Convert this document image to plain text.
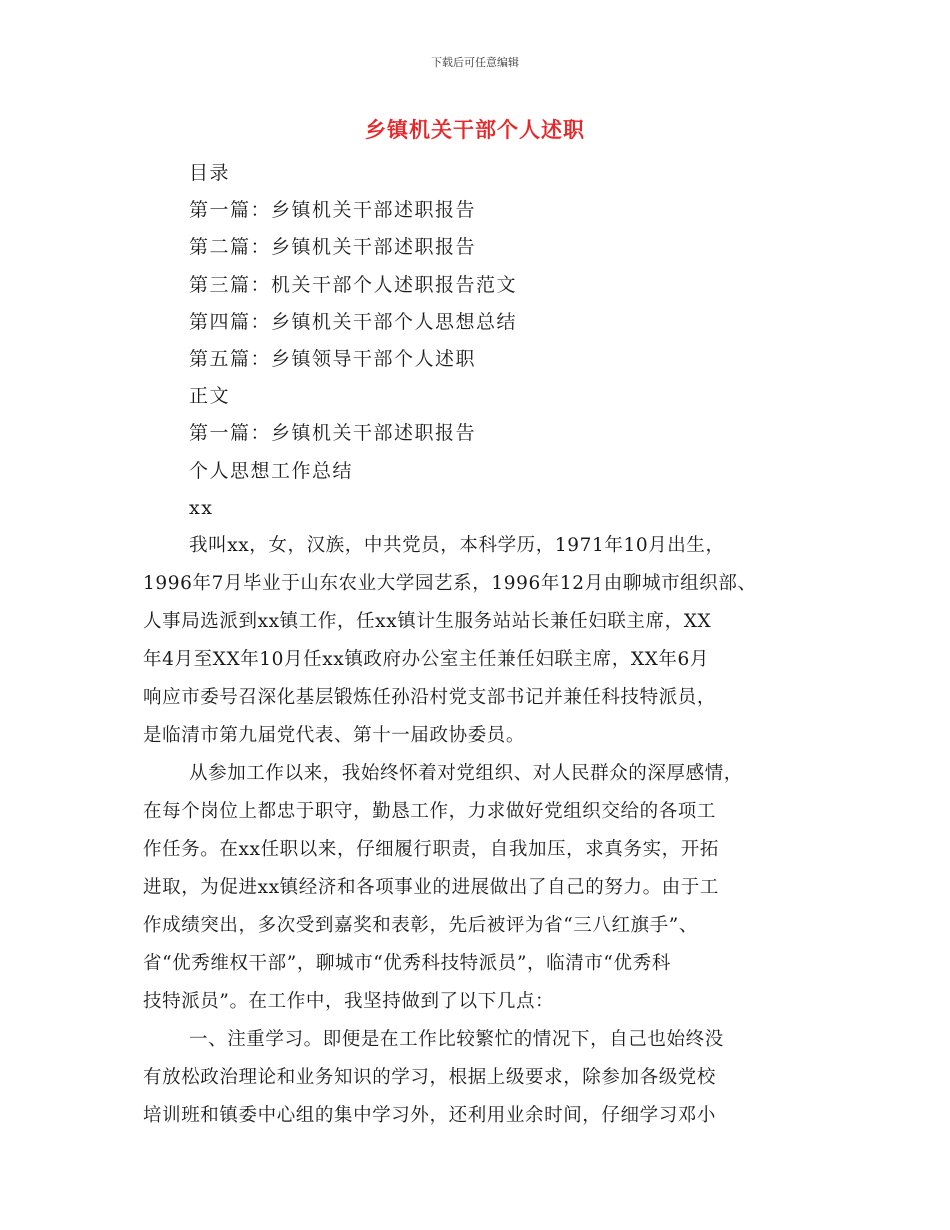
下载后可任意编辑
乡镇机关干部个人述职
目录
第一篇：乡镇机关干部述职报告
第二篇：乡镇机关干部述职报告
第三篇：机关干部个人述职报告范文
第四篇：乡镇机关干部个人思想总结
第五篇：乡镇领导干部个人述职
正文
第一篇：乡镇机关干部述职报告
个人思想工作总结
xx
我叫xx，女，汉族，中共党员，本科学历，1971年10月出生，
1996年7月毕业于山东农业大学园艺系，1996年12月由聊城市组织部、
人事局选派到xx镇工作，任xx镇计生服务站站长兼任妇联主席，XX
年4月至XX年10月任xx镇政府办公室主任兼任妇联主席，XX年6月
响应市委号召深化基层锻炼任孙沿村党支部书记并兼任科技特派员，
是临清市第九届党代表、第十一届政协委员。
从参加工作以来，我始终怀着对党组织、对人民群众的深厚感情，
在每个岗位上都忠于职守，勤恳工作，力求做好党组织交给的各项工
作任务。在xx任职以来，仔细履行职责，自我加压，求真务实，开拓
进取，为促进xx镇经济和各项事业的进展做出了自己的努力。由于工
作成绩突出，多次受到嘉奖和表彰，先后被评为省“三八红旗手”、
省“优秀维权干部”，聊城市“优秀科技特派员”，临清市“优秀科
技特派员”。在工作中，我坚持做到了以下几点：
一、注重学习。即便是在工作比较繁忙的情况下，自己也始终没
有放松政治理论和业务知识的学习，根据上级要求，除参加各级党校
培训班和镇委中心组的集中学习外，还利用业余时间，仔细学习邓小
